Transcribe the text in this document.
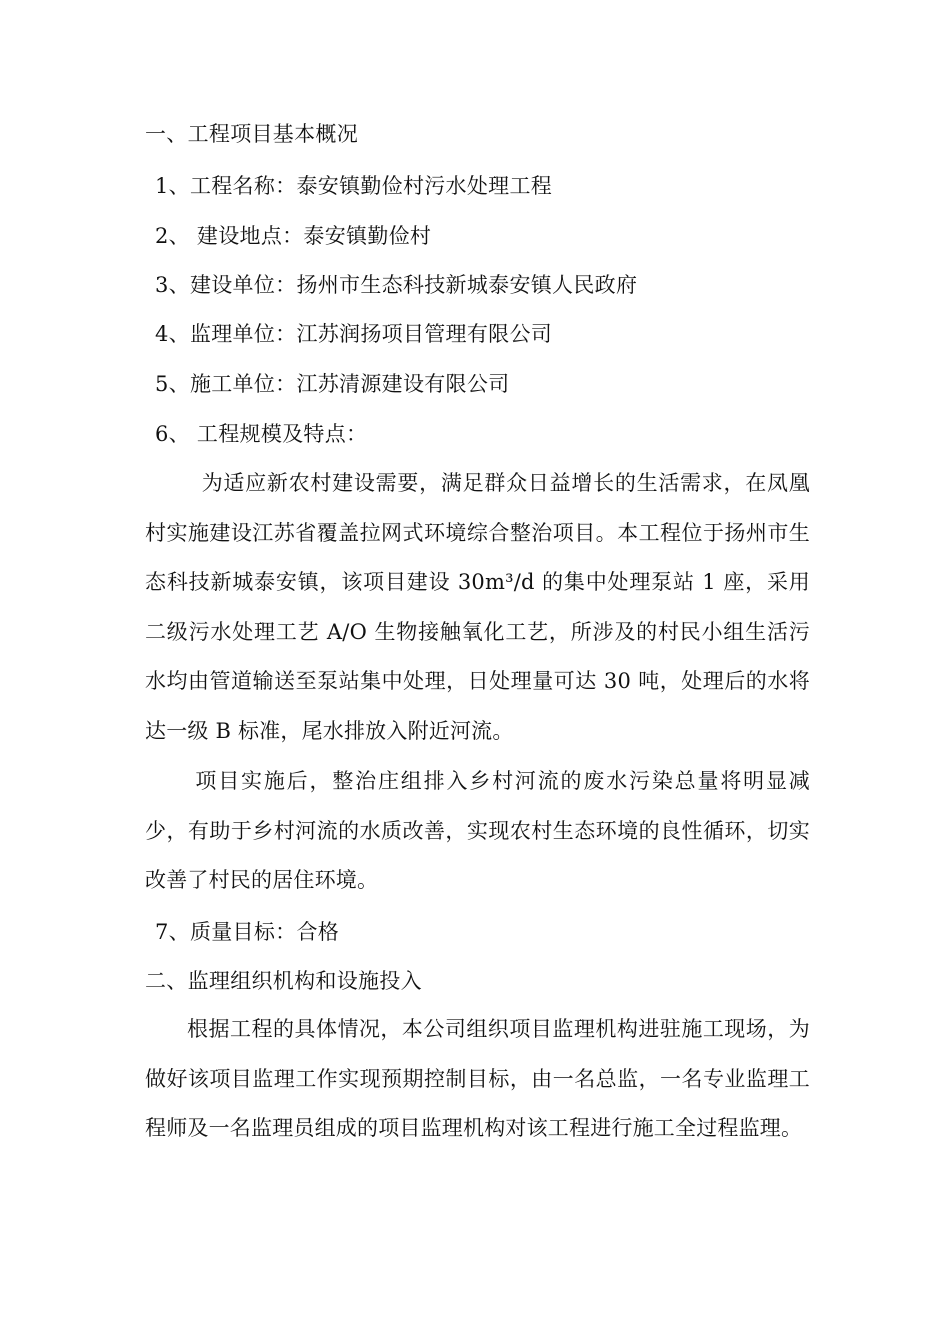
一、工程项目基本概况
1、工程名称：泰安镇勤俭村污水处理工程
2、 建设地点：泰安镇勤俭村
3、建设单位：扬州市生态科技新城泰安镇人民政府
4、监理单位：江苏润扬项目管理有限公司
5、施工单位：江苏清源建设有限公司
6、 工程规模及特点：
为适应新农村建设需要，满足群众日益增长的生活需求，在凤凰村实施建设江苏省覆盖拉网式环境综合整治项目。本工程位于扬州市生态科技新城泰安镇，该项目建设 30m³/d 的集中处理泵站 1 座，采用二级污水处理工艺 A/O 生物接触氧化工艺，所涉及的村民小组生活污水均由管道输送至泵站集中处理，日处理量可达 30 吨，处理后的水将达一级 B 标准，尾水排放入附近河流。
项目实施后，整治庄组排入乡村河流的废水污染总量将明显减少，有助于乡村河流的水质改善，实现农村生态环境的良性循环，切实改善了村民的居住环境。
7、质量目标：合格
二、监理组织机构和设施投入
根据工程的具体情况，本公司组织项目监理机构进驻施工现场，为做好该项目监理工作实现预期控制目标，由一名总监，一名专业监理工程师及一名监理员组成的项目监理机构对该工程进行施工全过程监理。
